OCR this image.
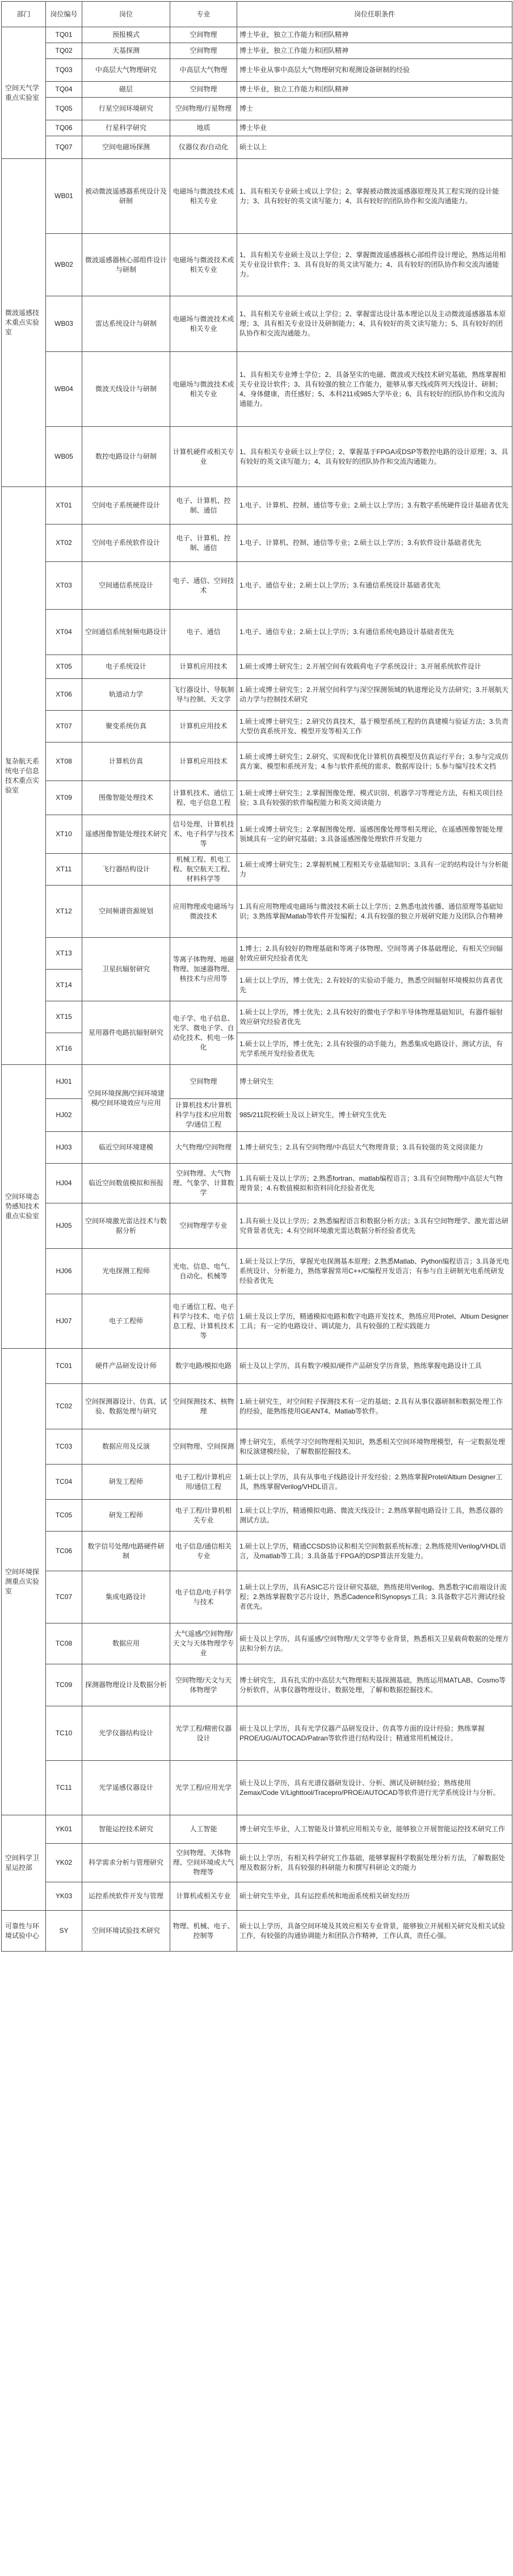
部门	岗位编号	岗位	专业	岗位任职条件
空间天气学重点实验室	TQ01	预报模式	空间物理	博士毕业，独立工作能力和团队精神
	TQ02	天基探测	空间物理	博士毕业，独立工作能力和团队精神
	TQ03	中高层大气物理研究	中高层大气物理	博士毕业从事中高层大气物理研究和观测设备研制的经验
	TQ04	磁层	空间物理	博士毕业，独立工作能力和团队精神
	TQ05	行星空间环境研究	空间物理/行星物理	博士
	TQ06	行星科学研究	地质	博士毕业
	TQ07	空间电磁场探测	仪器仪表/自动化	硕士以上
微波遥感技术重点实验室	WB01	被动微波遥感器系统设计及研制	电磁场与微波技术或相关专业	1、具有相关专业硕士或以上学位；2、掌握被动微波遥感器原理及其工程实现的设计能力；3、具有较好的英文读写能力；4、具有较好的团队协作和交流沟通能力。
	WB02	微波遥感器核心部组件设计与研制	电磁场与微波技术或相关专业	1、具有相关专业硕士及以上学位；2、掌握微波遥感器核心部组件设计理论，熟练运用相关专业设计软件；3、具有良好的英文读写能力；4、具有较好的团队协作和交流沟通能力。
	WB03	雷达系统设计与研制	电磁场与微波技术或相关专业	1、具有相关专业硕士或以上学位；2、掌握雷达设计基本理论以及主动微波遥感器基本原理；3、具有相关专业设计及研制能力；4、具有较好的英文读写能力；5、具有较好的团队协作和交流沟通能力。
	WB04	微波天线设计与研制	电磁场与微波技术或相关专业	1、具有相关专业博士学位；2、具备坚实的电磁、微波或天线技术研究基础，熟练掌握相关专业设计软件；3、具有较强的独立工作能力，能够从事天线或阵列天线设计、研制；4、身体健康，责任感好；5、本科211或985大学毕业；6、具有较好的团队协作和交流沟通能力。
	WB05	数控电路设计与研制	计算机硬件或相关专业	1、具有相关专业硕士以上学位；2、掌握基于FPGA或DSP等数控电路的设计原理；3、具有较好的英文读写能力；4、具有较好的团队协作和交流沟通能力。
复杂航天系统电子信息技术重点实验室	XT01	空间电子系统硬件设计	电子、计算机、控制、通信	1.电子、计算机、控制、通信等专业；2.硕士以上学历；3.有数字系统硬件设计基础者优先
	XT02	空间电子系统软件设计	电子、计算机、控制、通信	1.电子、计算机、控制、通信等专业；2.硕士以上学历；3.有软件设计基础者优先
	XT03	空间通信系统设计	电子、通信、空间技术	1.电子、通信专业；2.硕士以上学历；3.有通信系统设计基础者优先
	XT04	空间通信系统射频电路设计	电子、通信	1.电子、通信专业；2.硕士以上学历；3.有通信系统电路设计基础者优先
	XT05	电子系统设计	计算机应用技术	1.硕士或博士研究生；2.开展空间有效载荷电子学系统设计；3.开展系统软件设计
	XT06	轨道动力学	飞行器设计、导航制导与控制、天文学	1.硕士或博士研究生；2.开展空间科学与深空探测领域的轨道理论及方法研究；3.开展航天动力学与控制技术研究
	XT07	聚变系统仿真	计算机应用技术	1.硕士或博士研究生；2.研究仿真技术，基于模型系统工程的仿真建模与验证方法；3.负责大型仿真系统开发、模型开发等相关工作
	XT08	计算机仿真	计算机应用技术	1.硕士或博士研究生；2.研究、实现和优化计算机仿真模型及仿真运行平台；3.参与完成仿真方案、模型和系统开发；4.参与软件系统的需求、数据库设计；5.参与编写技术文档
	XT09	图像智能处理技术	计算机技术、通信工程、电子信息工程	1.硕士或博士研究生；2.掌握图像处理、模式识别、机器学习等理论方法，有相关项目经验；3.具有较强的软件编程能力和英文阅读能力
	XT10	遥感图像智能处理技术研究	信号处理、计算机技术、电子科学与技术等	1.硕士或博士研究生；2.掌握图像处理、遥感图像处理等相关理论，在遥感图像智能处理领域具有一定的研究基础；3.具备遥感图像处理软件开发能力
	XT11	飞行器结构设计	机械工程、机电工程、航空航天工程、材料科学等	1.硕士或博士研究生；2.掌握机械工程相关专业基础知识；3.具有一定的结构设计与分析能力
	XT12	空间频谱资源规划	应用物理或电磁场与微波技术	1.具有应用物理或电磁场与微波技术硕士以上学历；2.熟悉电波传播、通信原理等基础知识；3.熟练掌握Matlab等软件开发编程；4.具有较强的独立开展研究能力及团队合作精神
	XT13	卫星抗辐射研究	等离子体物理、地磁物理、加速器物理、核技术与应用等	1.博士；2.具有较好的物理基础和等离子体物理、空间等离子体基础理论，有相关空间辐射效应研究经验者优先
	XT14			1.硕士以上学历，博士优先；2.有较好的实验动手能力，熟悉空间辐射环境模拟仿真者优先
	XT15	星用器件电路抗辐射研究	电子学、电子信息、光学、微电子学、自动化技术、机电一体化	1.硕士以上学历，博士优先；2.具有较好的微电子学和半导体物理基础知识，有器件辐射效应研究经验者优先
	XT16			1.硕士以上学历，博士优先；2.具有较强的动手能力，熟悉集成电路设计、测试方法，有光学系统开发经验者优先
空间环境态势感知技术重点实验室	HJ01	空间环境探测/空间环境建模/空间环境效应与应用	空间物理	博士研究生
	HJ02		计算机技术/计算机科学与技术/应用数学/通信工程	985/211院校硕士及以上研究生，博士研究生优先
	HJ03	临近空间环境建模	大气物理/空间物理	1.博士研究生；2.具有空间物理/中高层大气物理背景；3.具有较强的英文阅读能力
	HJ04	临近空间数值模拟和预报	空间物理、大气物理、气象学、计算数学	1.具有硕士及以上学历；2.熟悉fortran、matlab编程语言；3.具有空间物理/中高层大气物理背景；4.有数值模拟和资料同化经验者优先
	HJ05	空间环境激光雷达技术与数据分析	空间物理学专业	1.具有硕士及以上学历；2.熟悉编程语言和数据分析方法；3.具有空间物理学、激光雷达研究背景者优先；4.有空间环境激光雷达数据分析经验者优先
	HJ06	光电探测工程师	光电、信息、电气、自动化、机械等	1.硕士及以上学历，掌握光电探测基本原理；2.熟悉Matlab、Python编程语言；3.具备光电系统设计、分析能力，熟练掌握常用C++/C编程开发语言；有参与自主研制光电系统研发经验者优先
	HJ07	电子工程师	电子通信工程、电子科学与技术、电子信息工程、计算机技术等	1.硕士及以上学历，精通模拟电路和数字电路开发技术，熟练应用Protel、Altium Designer工具；有一定的电路设计、调试能力，具有较强的工程实践能力
空间环境探测重点实验室	TC01	硬件产品研发设计师	数字电路/模拟电路	硕士及以上学历，具有数字/模拟/硬件产品研发学历背景，熟练掌握电路设计工具
	TC02	空间探测器设计、仿真、试验、数据处理与研究	空间探测技术、核物理	1.硕士研究生，对空间粒子探测技术有一定的基础；2.具有从事仪器研制和数据处理工作的经验，能熟练使用GEANT4、Matlab等软件。
	TC03	数据应用及反演	空间物理、空间探测	博士研究生，系统学习空间物理相关知识，熟悉相关空间环境物理模型，有一定数据处理和反演建模经验，了解数据挖掘技术。
	TC04	研发工程师	电子工程/计算机应用/通信工程	1.硕士以上学历，具有从事电子线路设计开发经验；2.熟练掌握Protel/Altium Designer工具，熟练掌握Verilog/VHDL语言。
	TC05	研发工程师	电子工程/计算机相关专业	1.硕士以上学历，精通模拟电路、微波天线设计；2.熟练掌握电路设计工具，熟悉仪器的测试方法。
	TC06	数字信号处理/电路硬件研制	电子信息/通信相关专业	1.硕士以上学历，精通CCSDS协议和相关空间数据系统标准；2.熟练使用Verilog/VHDL语言，及matlab等工具；3.具备基于FPGA的DSP算法开发能力。
	TC07	集成电路设计	电子信息/电子科学与技术	1.硕士以上学历，具有ASIC芯片设计研究基础，熟练使用Verilog、熟悉数字IC前端设计流程；2.熟练掌握数字芯片设计，熟悉Cadence和Synopsys工具；3.具备数字芯片测试经验者优先。
	TC08	数据应用	大气遥感/空间物理/天文与天体物理学专业	硕士及以上学历，具有遥感/空间物理/天文学等专业背景，熟悉相关卫星载荷数据的处理方法和分析方法。
	TC09	探测器物理设计及数据分析	空间物理/天文与天体物理学	博士研究生，具有扎实的中高层大气物理和天基探测基础，熟练运用MATLAB、Cosmo等分析软件，从事仪器物理设计、数据处理，了解和数据挖掘技术。
	TC10	光学仪器结构设计	光学工程/精密仪器设计	硕士及以上学历，具有光学仪器产品研发设计、仿真等方面的设计经验；熟练掌握PROE/UG/AUTOCAD/Patran等软件进行结构设计；精通常用机械设计。
	TC11	光学遥感仪器设计	光学工程/应用光学	硕士及以上学历，具有光谱仪器研发设计、分析、测试及研制经验；熟练使用Zemax/Code V/Lighttool/Tracepro/PROE/AUTOCAD等软件进行光学系统设计与分析。
空间科学卫星运控部	YK01	智能运控技术研究	人工智能	博士研究生毕业，人工智能及计算机应用相关专业，能够独立开展智能运控技术研究工作
	YK02	科学需求分析与管理研究	空间物理、天体物理、空间环境或大气物理等	硕士以上学历，有相关科学研究工作基础，能够掌握科学数据处理分析方法，了解数据处理及数据分析，具有较强的科研能力和撰写科研论文的能力
	YK03	运控系统软件开发与管理	计算机或相关专业	硕士研究生毕业，具有运控系统和地面系统相关研发经历
可靠性与环境试验中心	SY	空间环境试验技术研究	物理、机械、电子、控制等	硕士以上学历，具备空间环境及其效应相关专业背景，能够独立开展相关研究及相关试验工作，有较强的沟通协调能力和团队合作精神，工作认真，责任心强。
